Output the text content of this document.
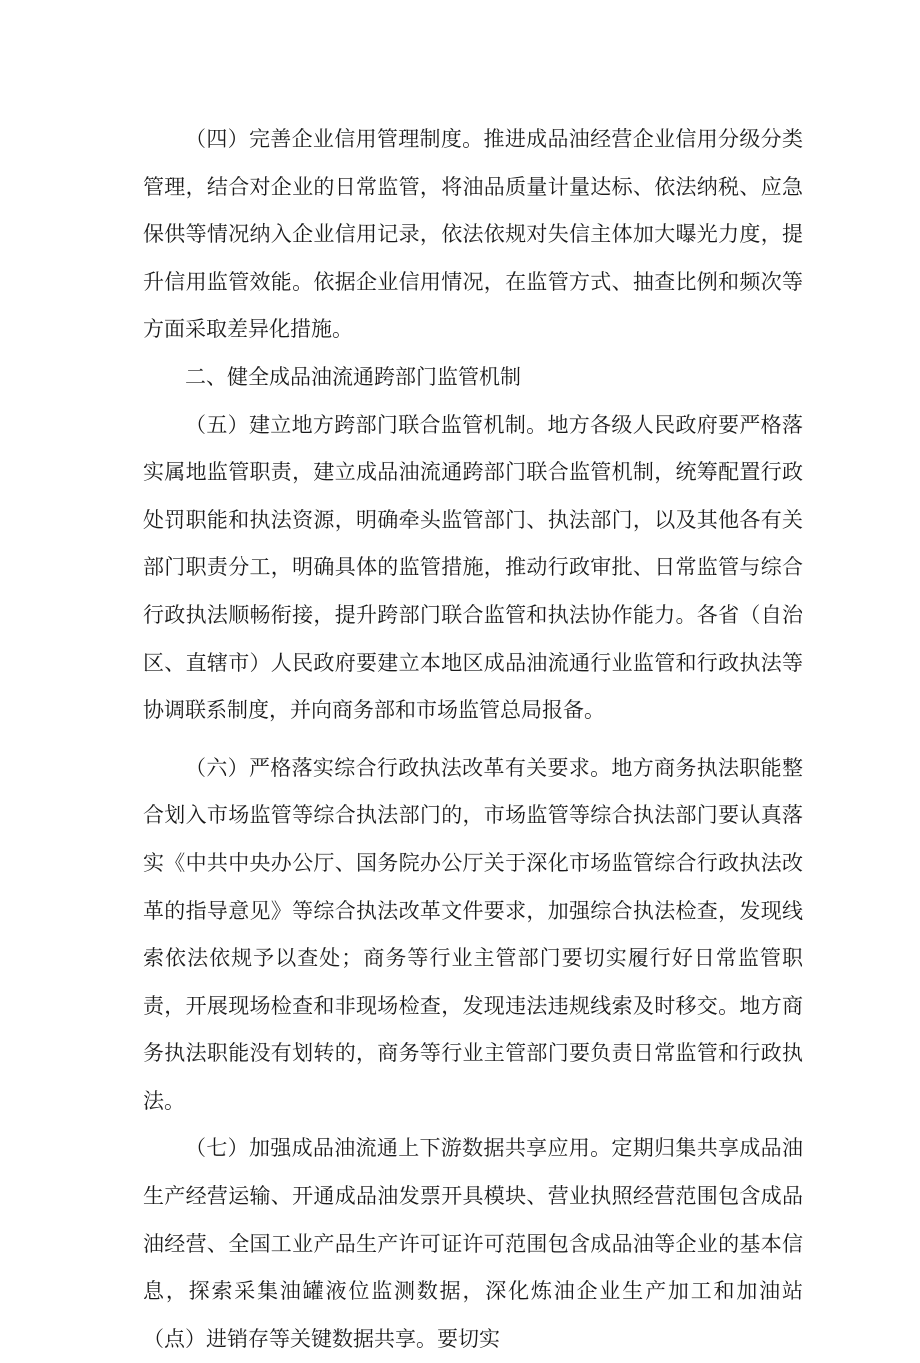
（四）完善企业信用管理制度。推进成品油经营企业信用分级分类管理，结合对企业的日常监管，将油品质量计量达标、依法纳税、应急保供等情况纳入企业信用记录，依法依规对失信主体加大曝光力度，提升信用监管效能。依据企业信用情况，在监管方式、抽查比例和频次等方面采取差异化措施。

二、健全成品油流通跨部门监管机制

（五）建立地方跨部门联合监管机制。地方各级人民政府要严格落实属地监管职责，建立成品油流通跨部门联合监管机制，统筹配置行政处罚职能和执法资源，明确牵头监管部门、执法部门，以及其他各有关部门职责分工，明确具体的监管措施，推动行政审批、日常监管与综合行政执法顺畅衔接，提升跨部门联合监管和执法协作能力。各省（自治区、直辖市）人民政府要建立本地区成品油流通行业监管和行政执法等协调联系制度，并向商务部和市场监管总局报备。

（六）严格落实综合行政执法改革有关要求。地方商务执法职能整合划入市场监管等综合执法部门的，市场监管等综合执法部门要认真落实《中共中央办公厅、国务院办公厅关于深化市场监管综合行政执法改革的指导意见》等综合执法改革文件要求，加强综合执法检查，发现线索依法依规予以查处；商务等行业主管部门要切实履行好日常监管职责，开展现场检查和非现场检查，发现违法违规线索及时移交。地方商务执法职能没有划转的，商务等行业主管部门要负责日常监管和行政执法。

（七）加强成品油流通上下游数据共享应用。定期归集共享成品油生产经营运输、开通成品油发票开具模块、营业执照经营范围包含成品油经营、全国工业产品生产许可证许可范围包含成品油等企业的基本信息，探索采集油罐液位监测数据，深化炼油企业生产加工和加油站（点）进销存等关键数据共享。要切实
